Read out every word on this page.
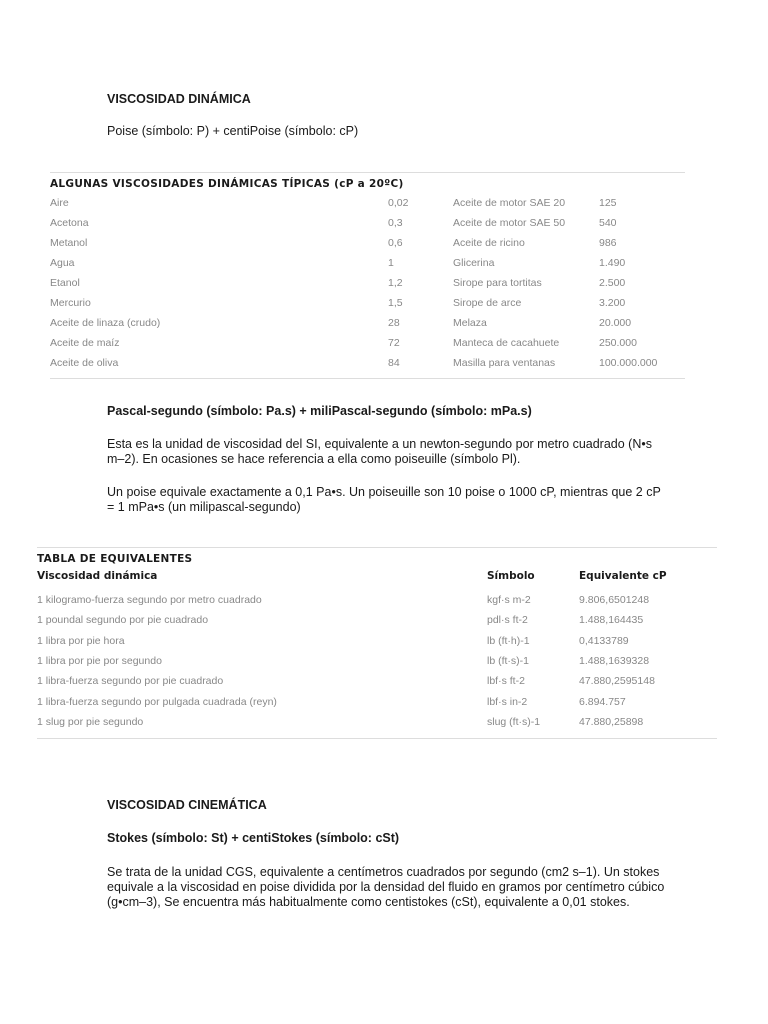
VISCOSIDAD DINÁMICA

Poise (símbolo: P) + centiPoise (símbolo: cP)

ALGUNAS VISCOSIDADES DINÁMICAS TÍPICAS (cP a 20ºC)
Aire	0,02	Aceite de motor SAE 20	125
Acetona	0,3	Aceite de motor SAE 50	540
Metanol	0,6	Aceite de ricino	986
Agua	1	Glicerina	1.490
Etanol	1,2	Sirope para tortitas	2.500
Mercurio	1,5	Sirope de arce	3.200
Aceite de linaza (crudo)	28	Melaza	20.000
Aceite de maíz	72	Manteca de cacahuete	250.000
Aceite de oliva	84	Masilla para ventanas	100.000.000
Pascal-segundo (símbolo: Pa.s) + miliPascal-segundo (símbolo: mPa.s)

Esta es la unidad de viscosidad del SI, equivalente a un newton-segundo por metro cuadrado (N•s m–2). En ocasiones se hace referencia a ella como poiseuille (símbolo Pl).

Un poise equivale exactamente a 0,1 Pa•s. Un poiseuille son 10 poise o 1000 cP, mientras que 2 cP = 1 mPa•s (un milipascal-segundo)

TABLA DE EQUIVALENTES
Viscosidad dinámica	Símbolo	Equivalente cP
1 kilogramo-fuerza segundo por metro cuadrado	kgf·s m-2	9.806,6501248
1 poundal segundo por pie cuadrado	pdl·s ft-2	1.488,164435
1 libra por pie hora	lb (ft·h)-1	0,4133789
1 libra por pie por segundo	lb (ft·s)-1	1.488,1639328
1 libra-fuerza segundo por pie cuadrado	lbf·s ft-2	47.880,2595148
1 libra-fuerza segundo por pulgada cuadrada (reyn)	lbf·s in-2	6.894.757
1 slug por pie segundo	slug (ft·s)-1	47.880,25898
VISCOSIDAD CINEMÁTICA
Stokes (símbolo: St) + centiStokes (símbolo: cSt)

Se trata de la unidad CGS, equivalente a centímetros cuadrados por segundo (cm2 s–1). Un stokes equivale a la viscosidad en poise dividida por la densidad del fluido en gramos por centímetro cúbico (g•cm–3), Se encuentra más habitualmente como centistokes (cSt), equivalente a 0,01 stokes.
